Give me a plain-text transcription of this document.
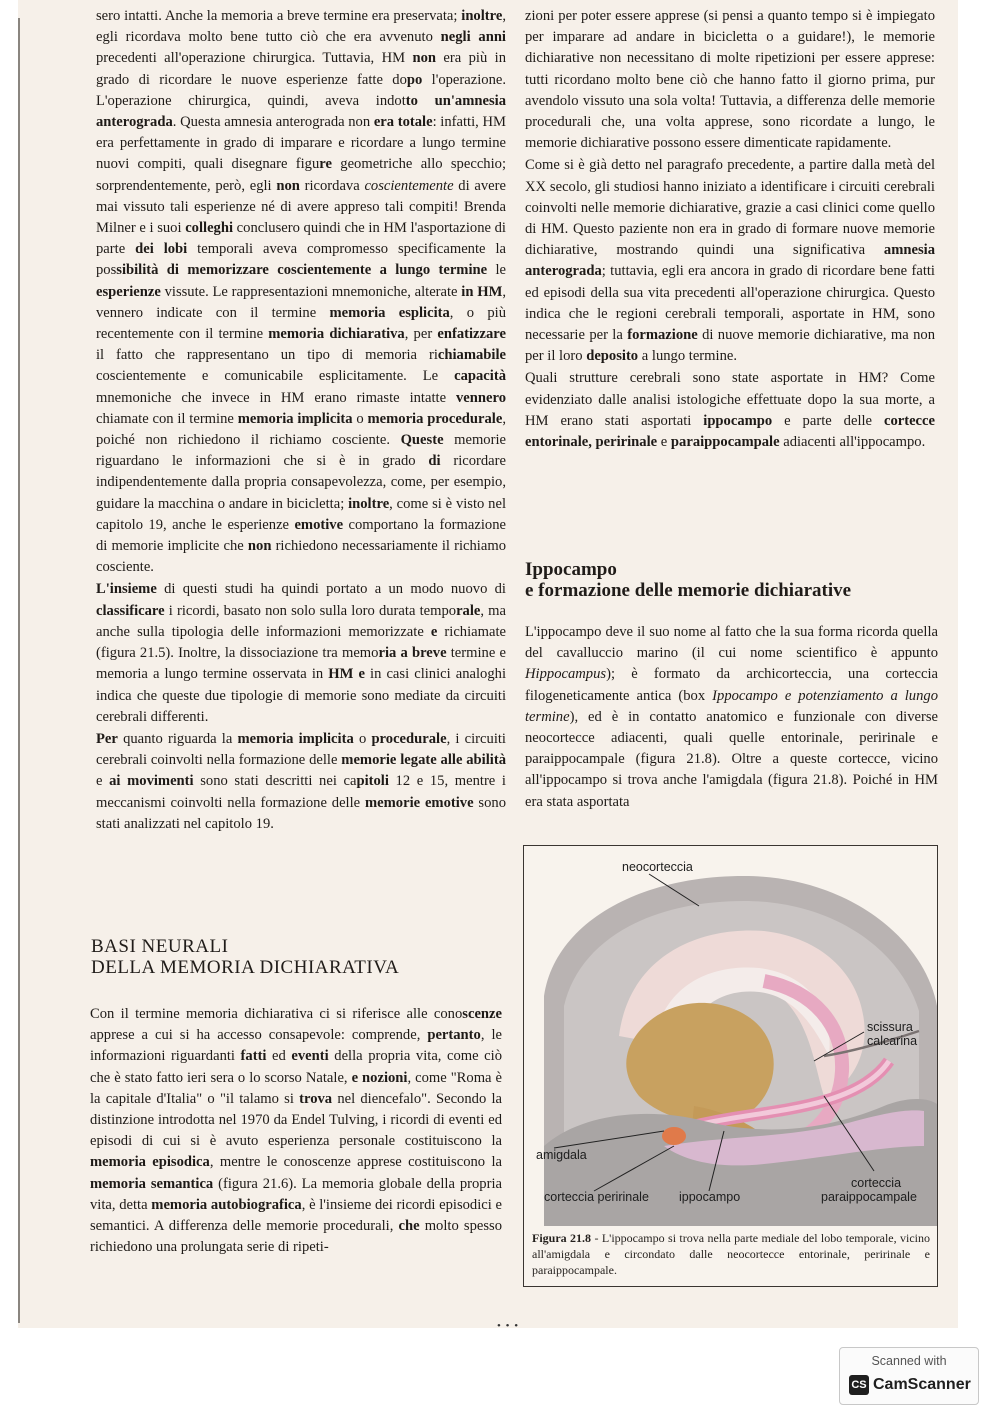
sero intatti. Anche la memoria a breve termine era preservata; inoltre, egli ricordava molto bene tutto ciò che era avvenuto negli anni precedenti all'operazione chirurgica. Tuttavia, HM non era più in grado di ricordare le nuove esperienze fatte dopo l'operazione. L'operazione chirurgica, quindi, aveva indotto un'amnesia anterograda. Questa amnesia anterograda non era totale: infatti, HM era perfettamente in grado di imparare e ricordare a lungo termine nuovi compiti, quali disegnare figure geometriche allo specchio; sorprendentemente, però, egli non ricordava coscientemente di avere mai vissuto tali esperienze né di avere appreso tali compiti! Brenda Milner e i suoi colleghi conclusero quindi che in HM l'asportazione di parte dei lobi temporali aveva compromesso specificamente la possibilità di memorizzare coscientemente a lungo termine le esperienze vissute. Le rappresentazioni mnemoniche, alterate in HM, vennero indicate con il termine memoria esplicita, o più recentemente con il termine memoria dichiarativa, per enfatizzare il fatto che rappresentano un tipo di memoria richiamabile coscientemente e comunicabile esplicitamente. Le capacità mnemoniche che invece in HM erano rimaste intatte vennero chiamate con il termine memoria implicita o memoria procedurale, poiché non richiedono il richiamo cosciente. Queste memorie riguardano le informazioni che si è in grado di ricordare indipendentemente dalla propria consapevolezza, come, per esempio, guidare la macchina o andare in bicicletta; inoltre, come si è visto nel capitolo 19, anche le esperienze emotive comportano la formazione di memorie implicite che non richiedono necessariamente il richiamo cosciente.

L'insieme di questi studi ha quindi portato a un modo nuovo di classificare i ricordi, basato non solo sulla loro durata temporale, ma anche sulla tipologia delle informazioni memorizzate e richiamate (figura 21.5). Inoltre, la dissociazione tra memoria a breve termine e memoria a lungo termine osservata in HM e in casi clinici analoghi indica che queste due tipologie di memorie sono mediate da circuiti cerebrali differenti.

Per quanto riguarda la memoria implicita o procedurale, i circuiti cerebrali coinvolti nella formazione delle memorie legate alle abilità e ai movimenti sono stati descritti nei capitoli 12 e 15, mentre i meccanismi coinvolti nella formazione delle memorie emotive sono stati analizzati nel capitolo 19.

BASI NEURALI
DELLA MEMORIA DICHIARATIVA

Con il termine memoria dichiarativa ci si riferisce alle conoscenze apprese a cui si ha accesso consapevole: comprende, pertanto, le informazioni riguardanti fatti ed eventi della propria vita, come ciò che è stato fatto ieri sera o lo scorso Natale, e nozioni, come "Roma è la capitale d'Italia" o "il talamo si trova nel diencefalo". Secondo la distinzione introdotta nel 1970 da Endel Tulving, i ricordi di eventi ed episodi di cui si è avuto esperienza personale costituiscono la memoria episodica, mentre le conoscenze apprese costituiscono la memoria semantica (figura 21.6). La memoria globale della propria vita, detta memoria autobiografica, è l'insieme dei ricordi episodici e semantici. A differenza delle memorie procedurali, che molto spesso richiedono una prolungata serie di ripeti-

zioni per poter essere apprese (si pensi a quanto tempo si è impiegato per imparare ad andare in bicicletta o a guidare!), le memorie dichiarative non necessitano di molte ripetizioni per essere apprese: tutti ricordano molto bene ciò che hanno fatto il giorno prima, pur avendolo vissuto una sola volta! Tuttavia, a differenza delle memorie procedurali che, una volta apprese, sono ricordate a lungo, le memorie dichiarative possono essere dimenticate rapidamente.

Come si è già detto nel paragrafo precedente, a partire dalla metà del XX secolo, gli studiosi hanno iniziato a identificare i circuiti cerebrali coinvolti nelle memorie dichiarative, grazie a casi clinici come quello di HM. Questo paziente non era in grado di formare nuove memorie dichiarative, mostrando quindi una significativa amnesia anterograda; tuttavia, egli era ancora in grado di ricordare bene fatti ed episodi della sua vita precedenti all'operazione chirurgica. Questo indica che le regioni cerebrali temporali, asportate in HM, sono necessarie per la formazione di nuove memorie dichiarative, ma non per il loro deposito a lungo termine.

Quali strutture cerebrali sono state asportate in HM? Come evidenziato dalle analisi istologiche effettuate dopo la sua morte, a HM erano stati asportati ippocampo e parte delle cortecce entorinale, peririnale e paraippocampale adiacenti all'ippocampo.

Ippocampo
e formazione delle memorie dichiarative

L'ippocampo deve il suo nome al fatto che la sua forma ricorda quella del cavalluccio marino (il cui nome scientifico è appunto Hippocampus); è formato da archicorteccia, una corteccia filogeneticamente antica (box Ippocampo e potenziamento a lungo termine), ed è in contatto anatomico e funzionale con diverse neocortecce adiacenti, quali quelle entorinale, peririnale e paraippocampale (figura 21.8). Oltre a queste cortecce, vicino all'ippocampo si trova anche l'amigdala (figura 21.8). Poiché in HM era stata asportata

neocorteccia
scissura
calcarina
amigdala
corteccia peririnale ippocampo
corteccia
paraippocampale
Figura 21.8 - L'ippocampo si trova nella parte mediale del lobo temporale, vicino all'amigdala e circondato dalle neocortecce entorinale, peririnale e paraippocampale.
• • •
Scanned with
CS CamScanner
